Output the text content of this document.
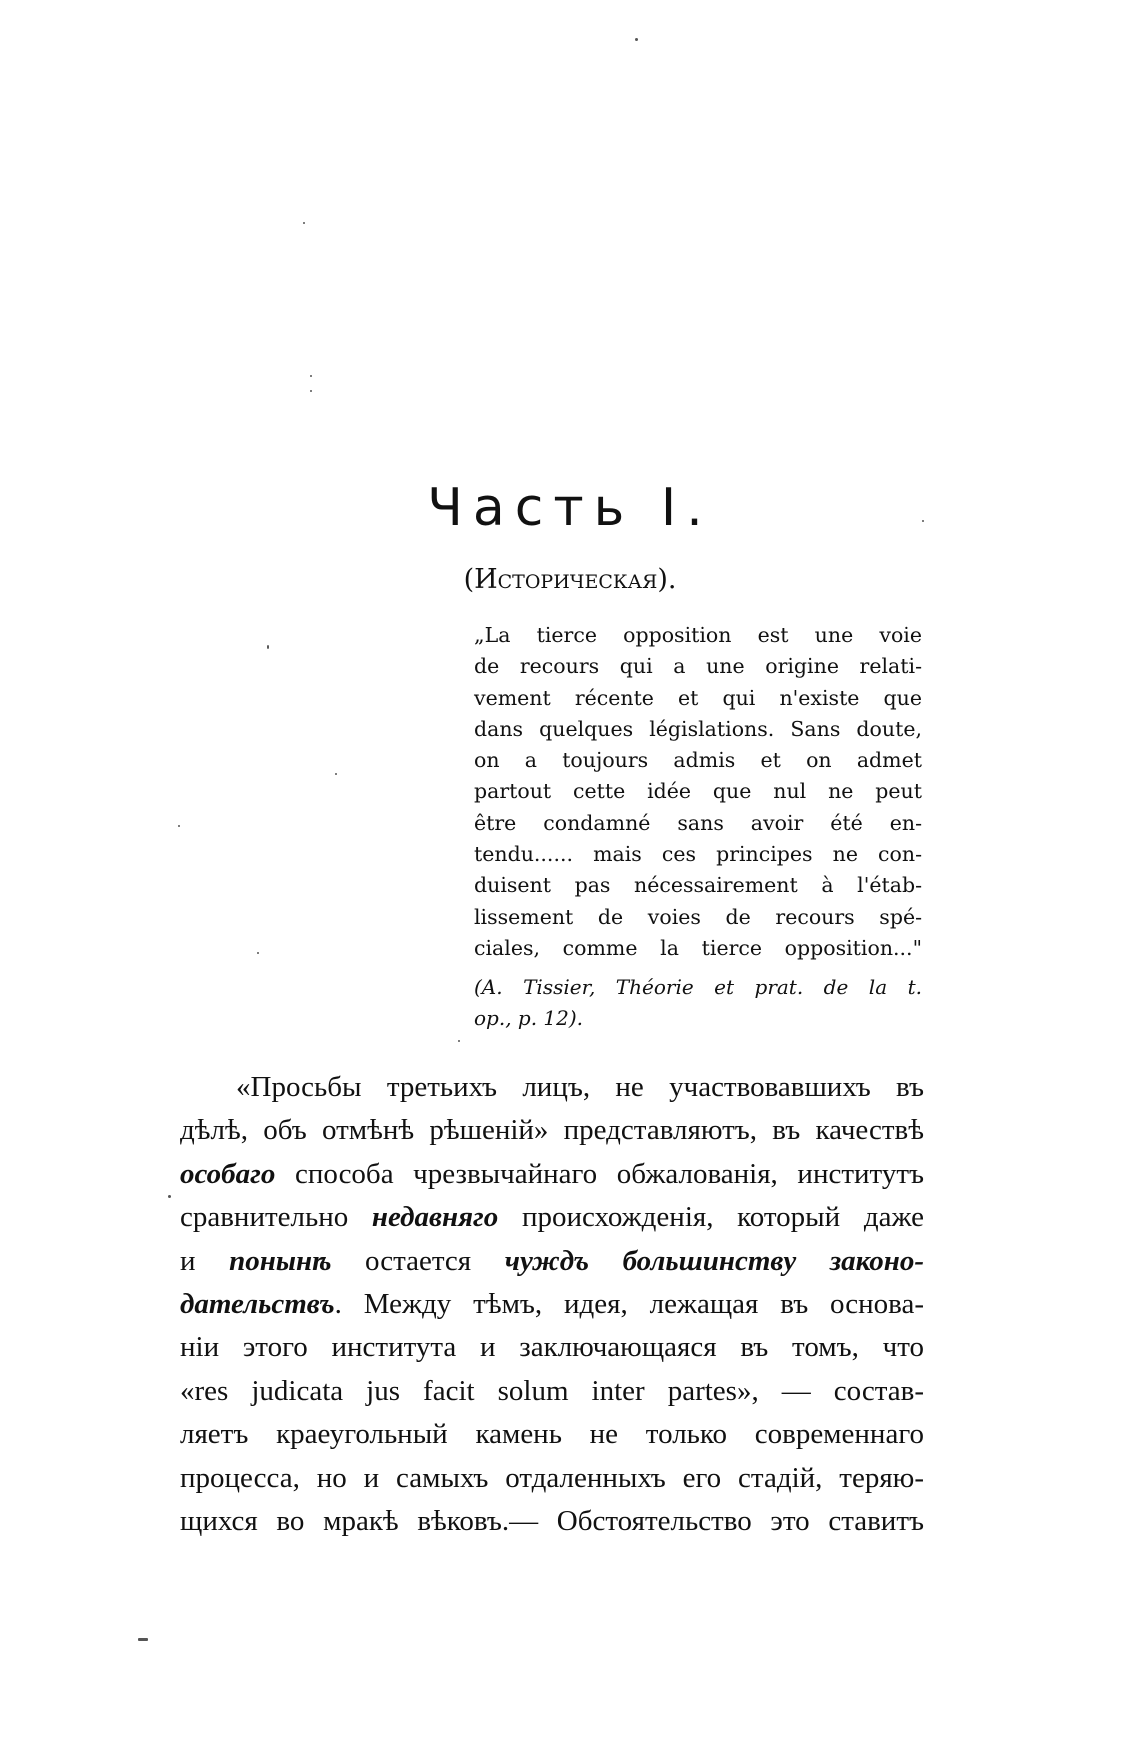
Часть I.
(Историческая).
„La tierce opposition est une voie
de recours qui a une origine relati-
vement récente et qui n'existe que
dans quelques législations. Sans doute,
on a toujours admis et on admet
partout cette idée que nul ne peut
être condamné sans avoir été en-
tendu...... mais ces principes ne con-
duisent pas nécessairement à l'étab-
lissement de voies de recours spé-
ciales, comme la tierce opposition..."
(A. Tissier, Théorie et prat. de la t.
op., p. 12).
«Просьбы третьихъ лицъ, не участвовавшихъ въ
дѣлѣ, объ отмѣнѣ рѣшеній» представляютъ, въ качествѣ
особаго способа чрезвычайнаго обжалованія, институтъ
сравнительно недавняго происхожденія, который даже
и понынѣ остается чуждъ большинству законо-
дательствъ. Между тѣмъ, идея, лежащая въ основа-
ніи этого института и заключающаяся въ томъ, что
«res judicata jus facit solum inter partes», — состав-
ляетъ краеугольный камень не только современнаго
процесса, но и самыхъ отдаленныхъ его стадій, теряю-
щихся во мракѣ вѣковъ.— Обстоятельство это ставитъ
